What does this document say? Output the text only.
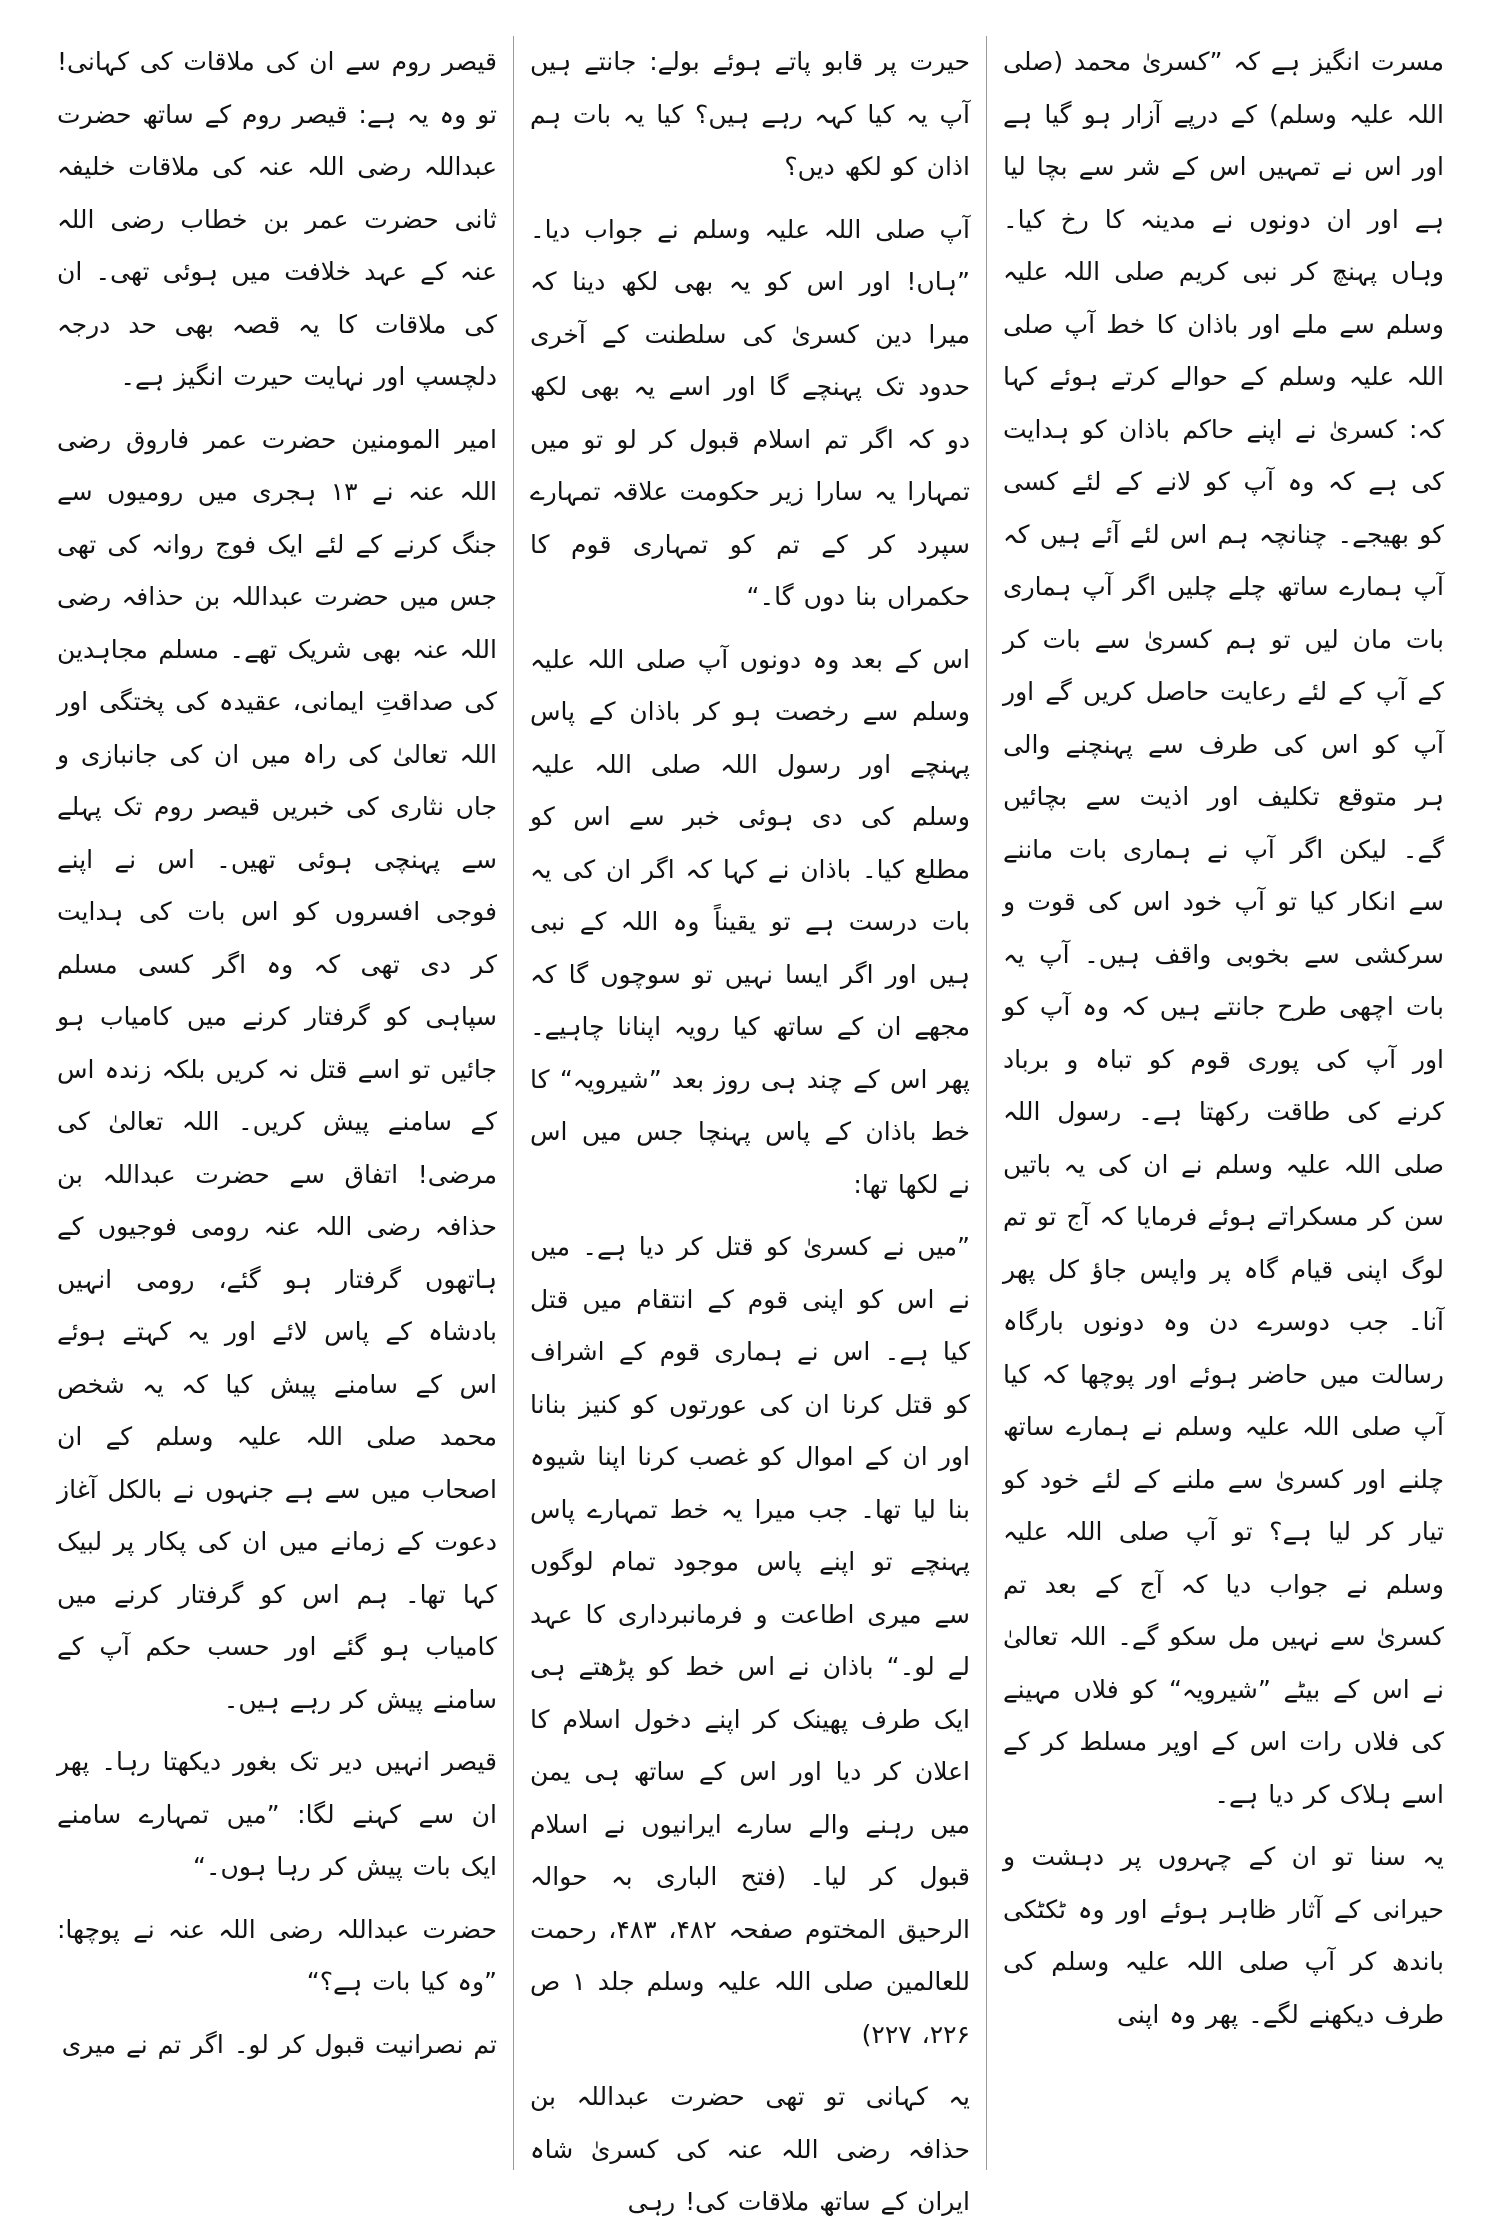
مسرت انگیز ہے کہ ”کسریٰ محمد (صلی اللہ علیہ وسلم) کے درپے آزار ہو گیا ہے اور اس نے تمہیں اس کے شر سے بچا لیا ہے اور ان دونوں نے مدینہ کا رخ کیا۔ وہاں پہنچ کر نبی کریم صلی اللہ علیہ وسلم سے ملے اور باذان کا خط آپ صلی اللہ علیہ وسلم کے حوالے کرتے ہوئے کہا کہ: کسریٰ نے اپنے حاکم باذان کو ہدایت کی ہے کہ وہ آپ کو لانے کے لئے کسی کو بھیجے۔ چنانچہ ہم اس لئے آئے ہیں کہ آپ ہمارے ساتھ چلے چلیں اگر آپ ہماری بات مان لیں تو ہم کسریٰ سے بات کر کے آپ کے لئے رعایت حاصل کریں گے اور آپ کو اس کی طرف سے پہنچنے والی ہر متوقع تکلیف اور اذیت سے بچائیں گے۔ لیکن اگر آپ نے ہماری بات ماننے سے انکار کیا تو آپ خود اس کی قوت و سرکشی سے بخوبی واقف ہیں۔ آپ یہ بات اچھی طرح جانتے ہیں کہ وہ آپ کو اور آپ کی پوری قوم کو تباہ و برباد کرنے کی طاقت رکھتا ہے۔ رسول اللہ صلی اللہ علیہ وسلم نے ان کی یہ باتیں سن کر مسکراتے ہوئے فرمایا کہ آج تو تم لوگ اپنی قیام گاہ پر واپس جاؤ کل پھر آنا۔ جب دوسرے دن وہ دونوں بارگاہ رسالت میں حاضر ہوئے اور پوچھا کہ کیا آپ صلی اللہ علیہ وسلم نے ہمارے ساتھ چلنے اور کسریٰ سے ملنے کے لئے خود کو تیار کر لیا ہے؟ تو آپ صلی اللہ علیہ وسلم نے جواب دیا کہ آج کے بعد تم کسریٰ سے نہیں مل سکو گے۔ اللہ تعالیٰ نے اس کے بیٹے ”شیرویہ“ کو فلاں مہینے کی فلاں رات اس کے اوپر مسلط کر کے اسے ہلاک کر دیا ہے۔

یہ سنا تو ان کے چہروں پر دہشت و حیرانی کے آثار ظاہر ہوئے اور وہ ٹکٹکی باندھ کر آپ صلی اللہ علیہ وسلم کی طرف دیکھنے لگے۔ پھر وہ اپنی

حیرت پر قابو پاتے ہوئے بولے: جانتے ہیں آپ یہ کیا کہہ رہے ہیں؟ کیا یہ بات ہم اذان کو لکھ دیں؟

آپ صلی اللہ علیہ وسلم نے جواب دیا۔ ”ہاں! اور اس کو یہ بھی لکھ دینا کہ میرا دین کسریٰ کی سلطنت کے آخری حدود تک پہنچے گا اور اسے یہ بھی لکھ دو کہ اگر تم اسلام قبول کر لو تو میں تمہارا یہ سارا زیر حکومت علاقہ تمہارے سپرد کر کے تم کو تمہاری قوم کا حکمراں بنا دوں گا۔“

اس کے بعد وہ دونوں آپ صلی اللہ علیہ وسلم سے رخصت ہو کر باذان کے پاس پہنچے اور رسول اللہ صلی اللہ علیہ وسلم کی دی ہوئی خبر سے اس کو مطلع کیا۔ باذان نے کہا کہ اگر ان کی یہ بات درست ہے تو یقیناً وہ اللہ کے نبی ہیں اور اگر ایسا نہیں تو سوچوں گا کہ مجھے ان کے ساتھ کیا رویہ اپنانا چاہیے۔ پھر اس کے چند ہی روز بعد ”شیرویہ“ کا خط باذان کے پاس پہنچا جس میں اس نے لکھا تھا:

”میں نے کسریٰ کو قتل کر دیا ہے۔ میں نے اس کو اپنی قوم کے انتقام میں قتل کیا ہے۔ اس نے ہماری قوم کے اشراف کو قتل کرنا ان کی عورتوں کو کنیز بنانا اور ان کے اموال کو غصب کرنا اپنا شیوہ بنا لیا تھا۔ جب میرا یہ خط تمہارے پاس پہنچے تو اپنے پاس موجود تمام لوگوں سے میری اطاعت و فرمانبرداری کا عہد لے لو۔“ باذان نے اس خط کو پڑھتے ہی ایک طرف پھینک کر اپنے دخول اسلام کا اعلان کر دیا اور اس کے ساتھ ہی یمن میں رہنے والے سارے ایرانیوں نے اسلام قبول کر لیا۔ (فتح الباری بہ حوالہ الرحیق المختوم صفحہ ۴۸۲، ۴۸۳، رحمت للعالمین صلی اللہ علیہ وسلم جلد ۱ ص ۲۲۶، ۲۲۷)

یہ کہانی تو تھی حضرت عبداللہ بن حذافہ رضی اللہ عنہ کی کسریٰ شاہ ایران کے ساتھ ملاقات کی! رہی

قیصر روم سے ان کی ملاقات کی کہانی! تو وہ یہ ہے: قیصر روم کے ساتھ حضرت عبداللہ رضی اللہ عنہ کی ملاقات خلیفہ ثانی حضرت عمر بن خطاب رضی اللہ عنہ کے عہد خلافت میں ہوئی تھی۔ ان کی ملاقات کا یہ قصہ بھی حد درجہ دلچسپ اور نہایت حیرت انگیز ہے۔

امیر المومنین حضرت عمر فاروق رضی اللہ عنہ نے ۱۳ ہجری میں رومیوں سے جنگ کرنے کے لئے ایک فوج روانہ کی تھی جس میں حضرت عبداللہ بن حذافہ رضی اللہ عنہ بھی شریک تھے۔ مسلم مجاہدین کی صداقتِ ایمانی، عقیدہ کی پختگی اور اللہ تعالیٰ کی راہ میں ان کی جانبازی و جاں نثاری کی خبریں قیصر روم تک پہلے سے پہنچی ہوئی تھیں۔ اس نے اپنے فوجی افسروں کو اس بات کی ہدایت کر دی تھی کہ وہ اگر کسی مسلم سپاہی کو گرفتار کرنے میں کامیاب ہو جائیں تو اسے قتل نہ کریں بلکہ زندہ اس کے سامنے پیش کریں۔ اللہ تعالیٰ کی مرضی! اتفاق سے حضرت عبداللہ بن حذافہ رضی اللہ عنہ رومی فوجیوں کے ہاتھوں گرفتار ہو گئے، رومی انہیں بادشاہ کے پاس لائے اور یہ کہتے ہوئے اس کے سامنے پیش کیا کہ یہ شخص محمد صلی اللہ علیہ وسلم کے ان اصحاب میں سے ہے جنہوں نے بالکل آغاز دعوت کے زمانے میں ان کی پکار پر لبیک کہا تھا۔ ہم اس کو گرفتار کرنے میں کامیاب ہو گئے اور حسب حکم آپ کے سامنے پیش کر رہے ہیں۔

قیصر انہیں دیر تک بغور دیکھتا رہا۔ پھر ان سے کہنے لگا: ”میں تمہارے سامنے ایک بات پیش کر رہا ہوں۔“

حضرت عبداللہ رضی اللہ عنہ نے پوچھا: ”وہ کیا بات ہے؟“

تم نصرانیت قبول کر لو۔ اگر تم نے میری
